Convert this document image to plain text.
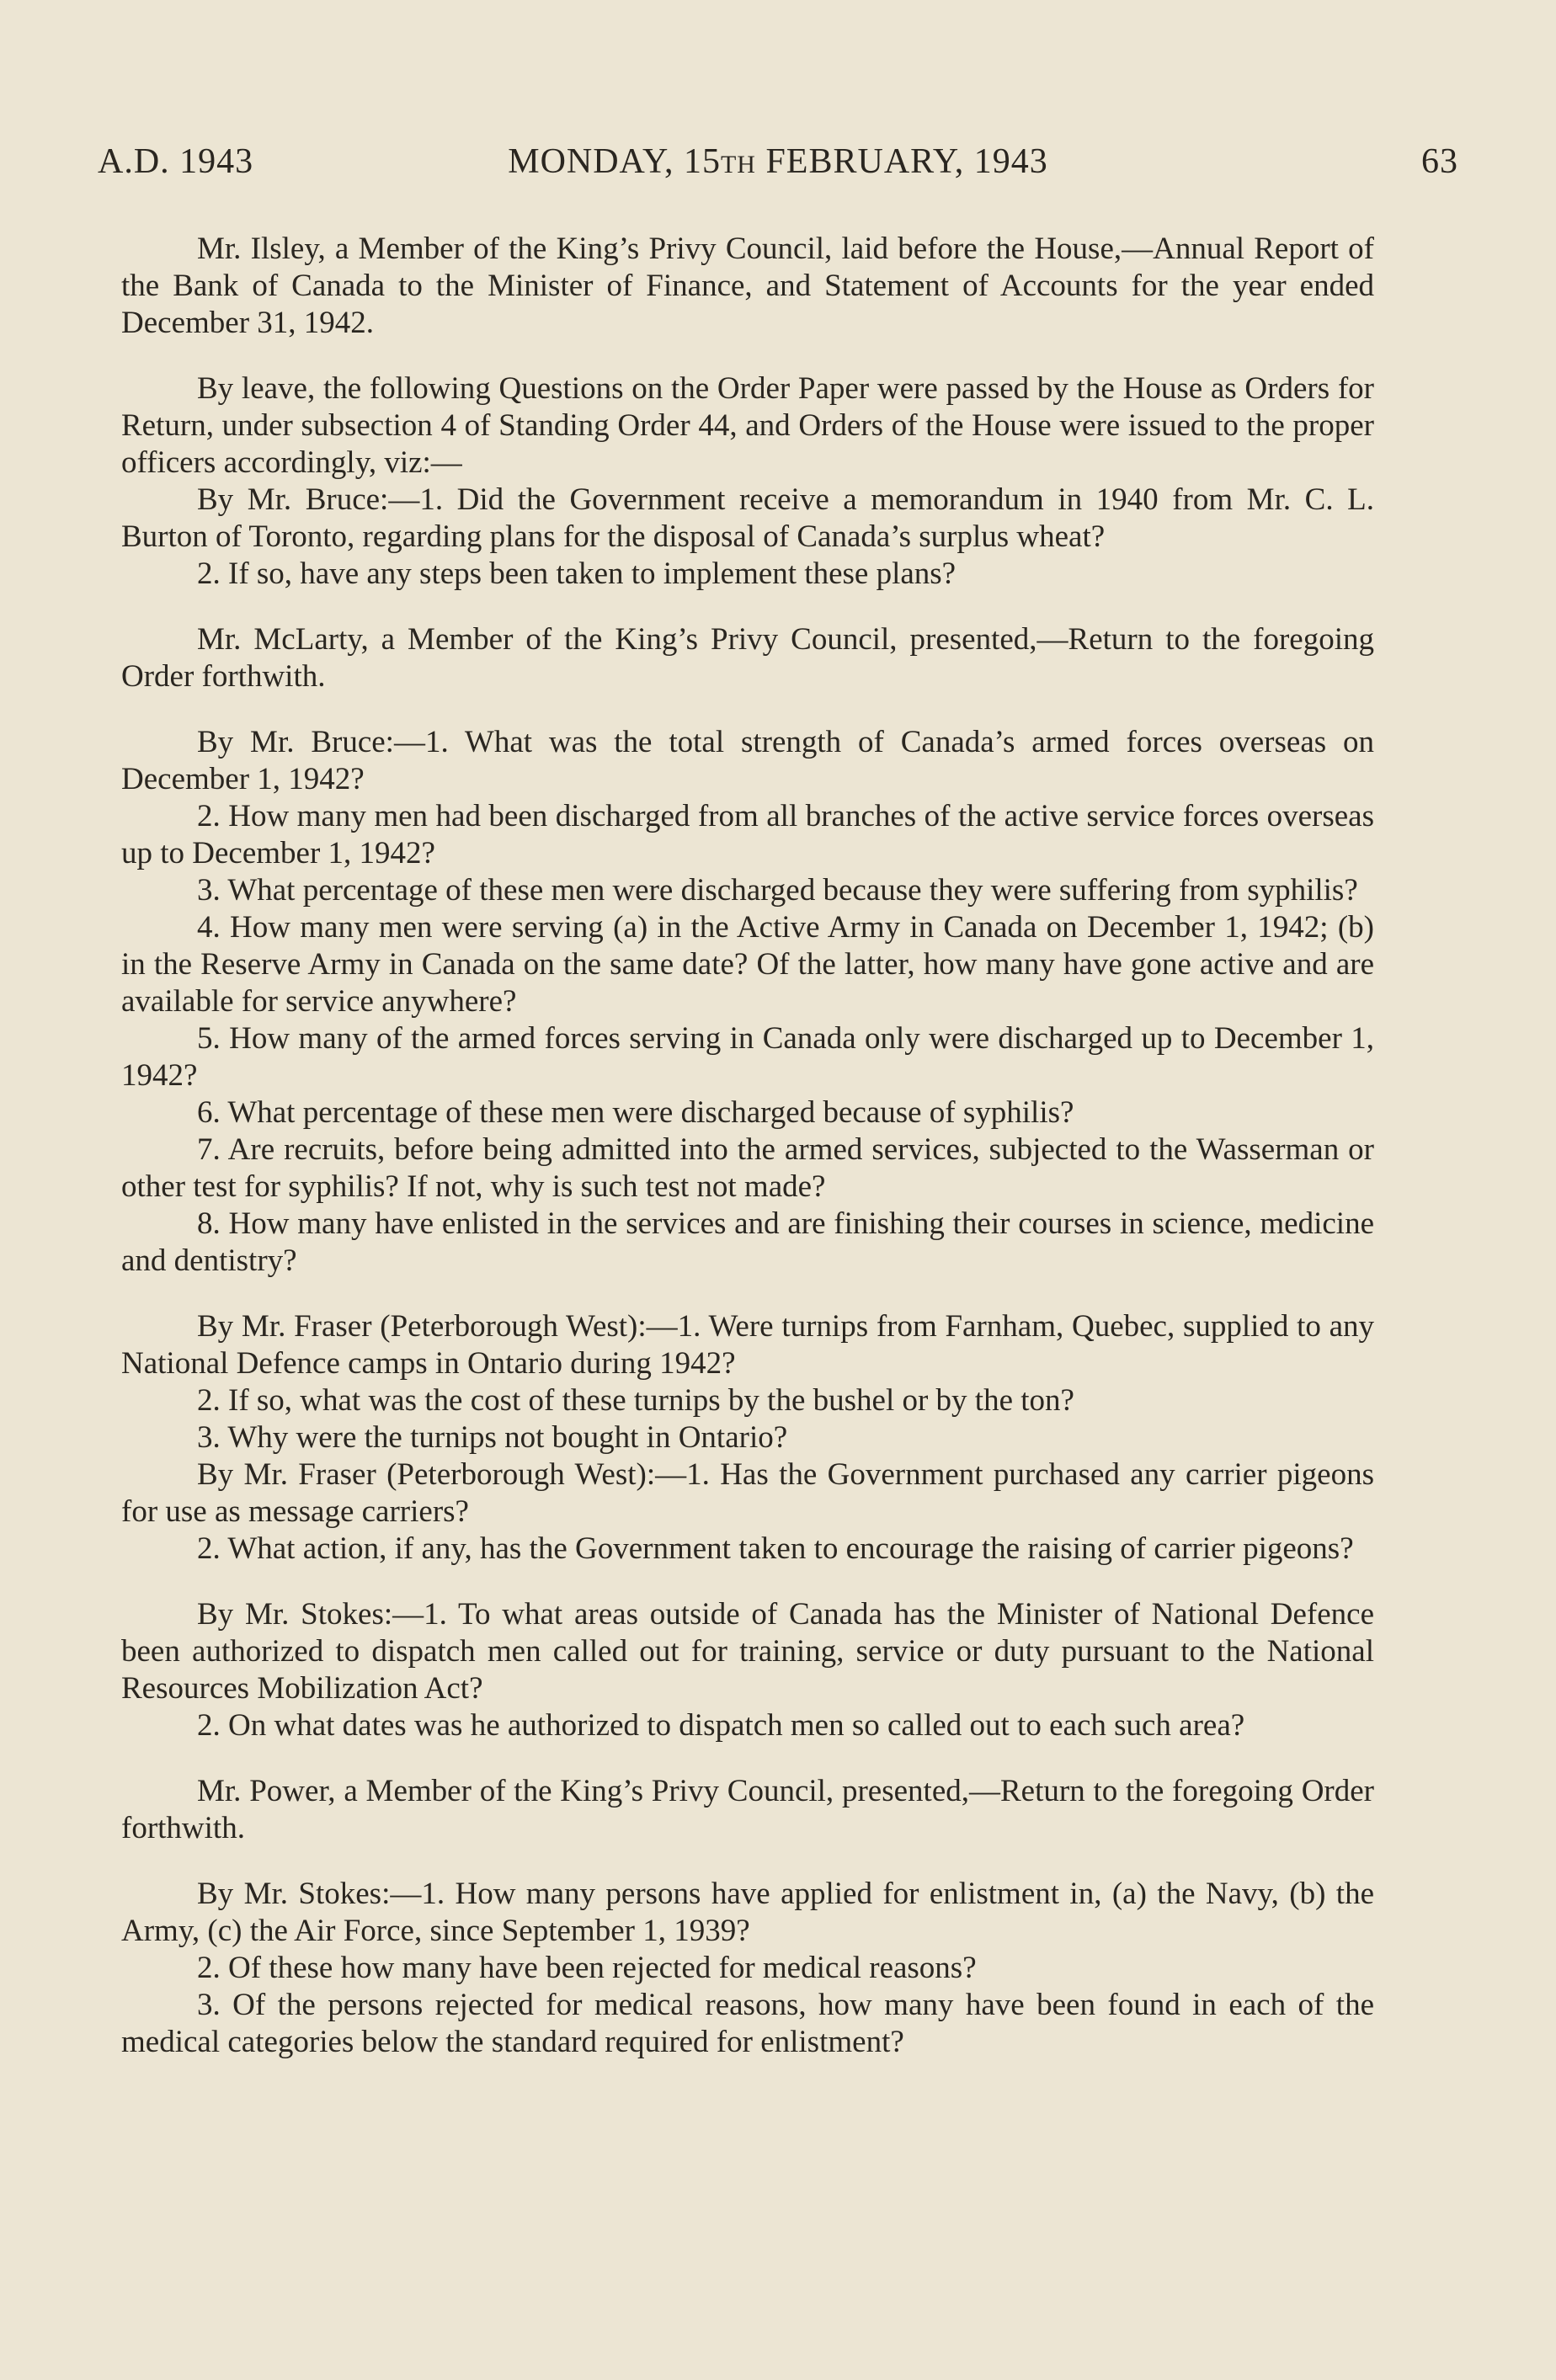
A.D. 1943	MONDAY, 15TH FEBRUARY, 1943	63

Mr. Ilsley, a Member of the King’s Privy Council, laid before the House,—Annual Report of the Bank of Canada to the Minister of Finance, and Statement of Accounts for the year ended December 31, 1942.

By leave, the following Questions on the Order Paper were passed by the House as Orders for Return, under subsection 4 of Standing Order 44, and Orders of the House were issued to the proper officers accordingly, viz:—

By Mr. Bruce:—1. Did the Government receive a memorandum in 1940 from Mr. C. L. Burton of Toronto, regarding plans for the disposal of Canada’s surplus wheat?

2. If so, have any steps been taken to implement these plans?

Mr. McLarty, a Member of the King’s Privy Council, presented,—Return to the foregoing Order forthwith.

By Mr. Bruce:—1. What was the total strength of Canada’s armed forces overseas on December 1, 1942?

2. How many men had been discharged from all branches of the active service forces overseas up to December 1, 1942?

3. What percentage of these men were discharged because they were suffering from syphilis?

4. How many men were serving (a) in the Active Army in Canada on December 1, 1942; (b) in the Reserve Army in Canada on the same date? Of the latter, how many have gone active and are available for service anywhere?

5. How many of the armed forces serving in Canada only were discharged up to December 1, 1942?

6. What percentage of these men were discharged because of syphilis?

7. Are recruits, before being admitted into the armed services, subjected to the Wasserman or other test for syphilis? If not, why is such test not made?

8. How many have enlisted in the services and are finishing their courses in science, medicine and dentistry?

By Mr. Fraser (Peterborough West):—1. Were turnips from Farnham, Quebec, supplied to any National Defence camps in Ontario during 1942?

2. If so, what was the cost of these turnips by the bushel or by the ton?

3. Why were the turnips not bought in Ontario?

By Mr. Fraser (Peterborough West):—1. Has the Government purchased any carrier pigeons for use as message carriers?

2. What action, if any, has the Government taken to encourage the raising of carrier pigeons?

By Mr. Stokes:—1. To what areas outside of Canada has the Minister of National Defence been authorized to dispatch men called out for training, service or duty pursuant to the National Resources Mobilization Act?

2. On what dates was he authorized to dispatch men so called out to each such area?

Mr. Power, a Member of the King’s Privy Council, presented,—Return to the foregoing Order forthwith.

By Mr. Stokes:—1. How many persons have applied for enlistment in, (a) the Navy, (b) the Army, (c) the Air Force, since September 1, 1939?

2. Of these how many have been rejected for medical reasons?

3. Of the persons rejected for medical reasons, how many have been found in each of the medical categories below the standard required for enlistment?
